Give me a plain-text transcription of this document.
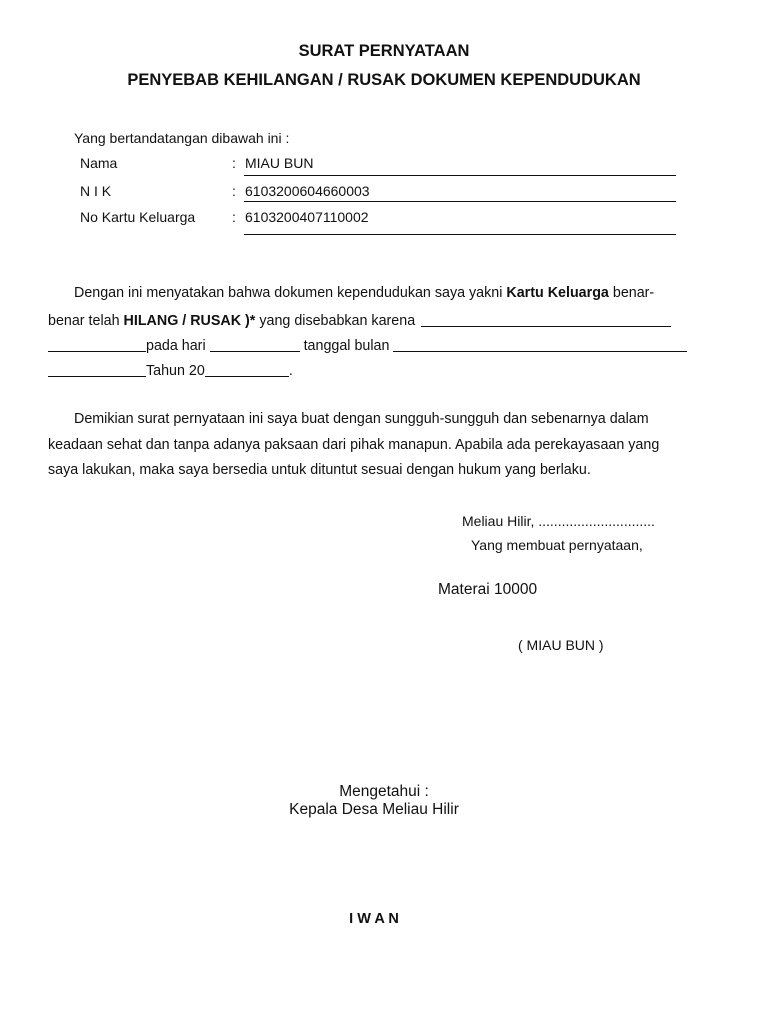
SURAT PERNYATAAN
PENYEBAB KEHILANGAN / RUSAK DOKUMEN KEPENDUDUKAN
Yang bertandatangan dibawah ini :
Nama	: MIAU BUN
N I K	: 6103200604660003
No Kartu Keluarga	: 6103200407110002
Dengan ini menyatakan bahwa dokumen kependudukan saya yakni Kartu Keluarga benar-
benar telah HILANG / RUSAK )* yang disebabkan karena
pada hari	tanggal bulan
Tahun 20	.
Demikian surat pernyataan ini saya buat dengan sungguh-sungguh dan sebenarnya dalam
keadaan sehat dan tanpa adanya paksaan dari pihak manapun. Apabila ada perekayasaan yang
saya lakukan, maka saya bersedia untuk dituntut sesuai dengan hukum yang berlaku.
Meliau Hilir, ..............................
Yang membuat pernyataan,
Materai 10000
( MIAU BUN )
Mengetahui :
Kepala Desa Meliau Hilir
I W A N
